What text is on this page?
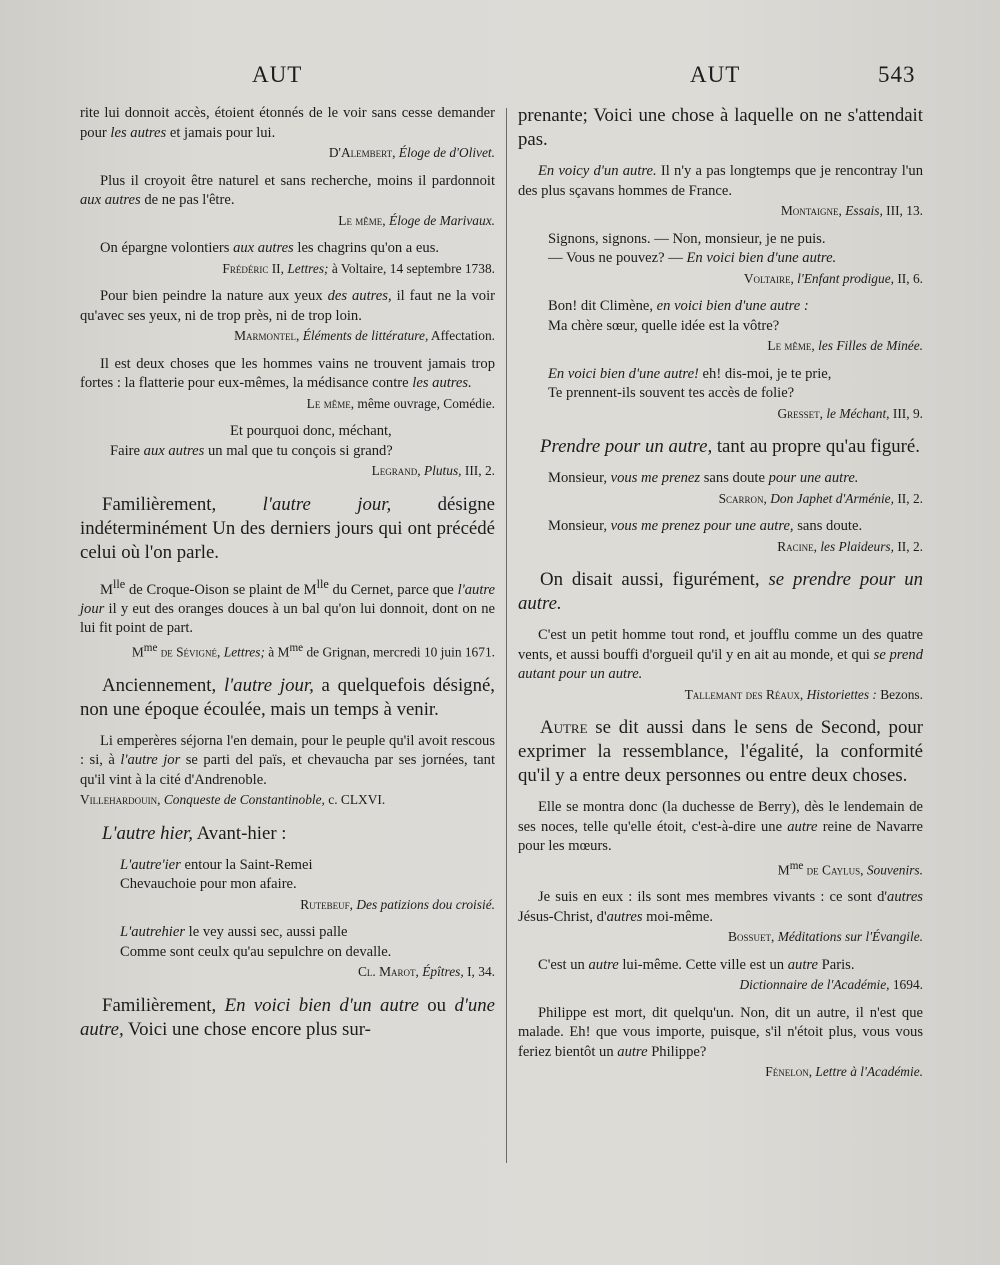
AUT	AUT	543

rite lui donnoit accès, étoient étonnés de le voir sans cesse demander pour les autres et jamais pour lui.

D'Alembert, Éloge de d'Olivet.

Plus il croyoit être naturel et sans recherche, moins il pardonnoit aux autres de ne pas l'être.

Le même, Éloge de Marivaux.

On épargne volontiers aux autres les chagrins qu'on a eus.

Frédéric II, Lettres; à Voltaire, 14 septembre 1738.

Pour bien peindre la nature aux yeux des autres, il faut ne la voir qu'avec ses yeux, ni de trop près, ni de trop loin.

Marmontel, Éléments de littérature, Affectation.

Il est deux choses que les hommes vains ne trouvent jamais trop fortes : la flatterie pour eux-mêmes, la médisance contre les autres.

Le même, même ouvrage, Comédie.

Et pourquoi donc, méchant,

Faire aux autres un mal que tu conçois si grand?

Legrand, Plutus, III, 2.

Familièrement, l'autre jour, désigne indéterminément Un des derniers jours qui ont précédé celui où l'on parle.

$M^{lle}$ de Croque-Oison se plaint de $M^{lle}$ du Cernet, parce que l'autre jour il y eut des oranges douces à un bal qu'on lui donnoit, dont on ne lui fit point de part.

$M^{me}$ de Sévigné, Lettres; à $M^{me}$ de Grignan, mercredi 10 juin 1671.

Anciennement, l'autre jour, a quelquefois désigné, non une époque écoulée, mais un temps à venir.

Li emperères séjorna l'en demain, pour le peuple qu'il avoit rescous : si, à l'autre jor se parti del païs, et chevaucha par ses jornées, tant qu'il vint à la cité d'Andrenoble.

Villehardouin, Conqueste de Constantinoble, c. CLXVI.

L'autre hier, Avant-hier :

L'autre'ier entour la Saint-Remei

Chevauchoie pour mon afaire.

Rutebeuf, Des patizions dou croisié.

L'autrehier le vey aussi sec, aussi palle

Comme sont ceulx qu'au sepulchre on devalle.

Cl. Marot, Épîtres, I, 34.

Familièrement, En voici bien d'un autre ou d'une autre, Voici une chose encore plus sur-

prenante; Voici une chose à laquelle on ne s'attendait pas.

En voicy d'un autre. Il n'y a pas longtemps que je rencontray l'un des plus sçavans hommes de France.

Montaigne, Essais, III, 13.

Signons, signons. — Non, monsieur, je ne puis.

— Vous ne pouvez? — En voici bien d'une autre.

Voltaire, l'Enfant prodigue, II, 6.

Bon! dit Climène, en voici bien d'une autre :

Ma chère sœur, quelle idée est la vôtre?

Le même, les Filles de Minée.

En voici bien d'une autre! eh! dis-moi, je te prie,

Te prennent-ils souvent tes accès de folie?

Gresset, le Méchant, III, 9.

Prendre pour un autre, tant au propre qu'au figuré.

Monsieur, vous me prenez sans doute pour une autre.

Scarron, Don Japhet d'Arménie, II, 2.

Monsieur, vous me prenez pour une autre, sans doute.

Racine, les Plaideurs, II, 2.

On disait aussi, figurément, se prendre pour un autre.

C'est un petit homme tout rond, et joufflu comme un des quatre vents, et aussi bouffi d'orgueil qu'il y en ait au monde, et qui se prend autant pour un autre.

Tallemant des Réaux, Historiettes : Bezons.

Autre se dit aussi dans le sens de Second, pour exprimer la ressemblance, l'égalité, la conformité qu'il y a entre deux personnes ou entre deux choses.

Elle se montra donc (la duchesse de Berry), dès le lendemain de ses noces, telle qu'elle étoit, c'est-à-dire une autre reine de Navarre pour les mœurs.

$M^{me}$ de Caylus, Souvenirs.

Je suis en eux : ils sont mes membres vivants : ce sont d'autres Jésus-Christ, d'autres moi-même.

Bossuet, Méditations sur l'Évangile.

C'est un autre lui-même. Cette ville est un autre Paris.

Dictionnaire de l'Académie, 1694.

Philippe est mort, dit quelqu'un. Non, dit un autre, il n'est que malade. Eh! que vous importe, puisque, s'il n'étoit plus, vous vous feriez bientôt un autre Philippe?

Fénelon, Lettre à l'Académie.
